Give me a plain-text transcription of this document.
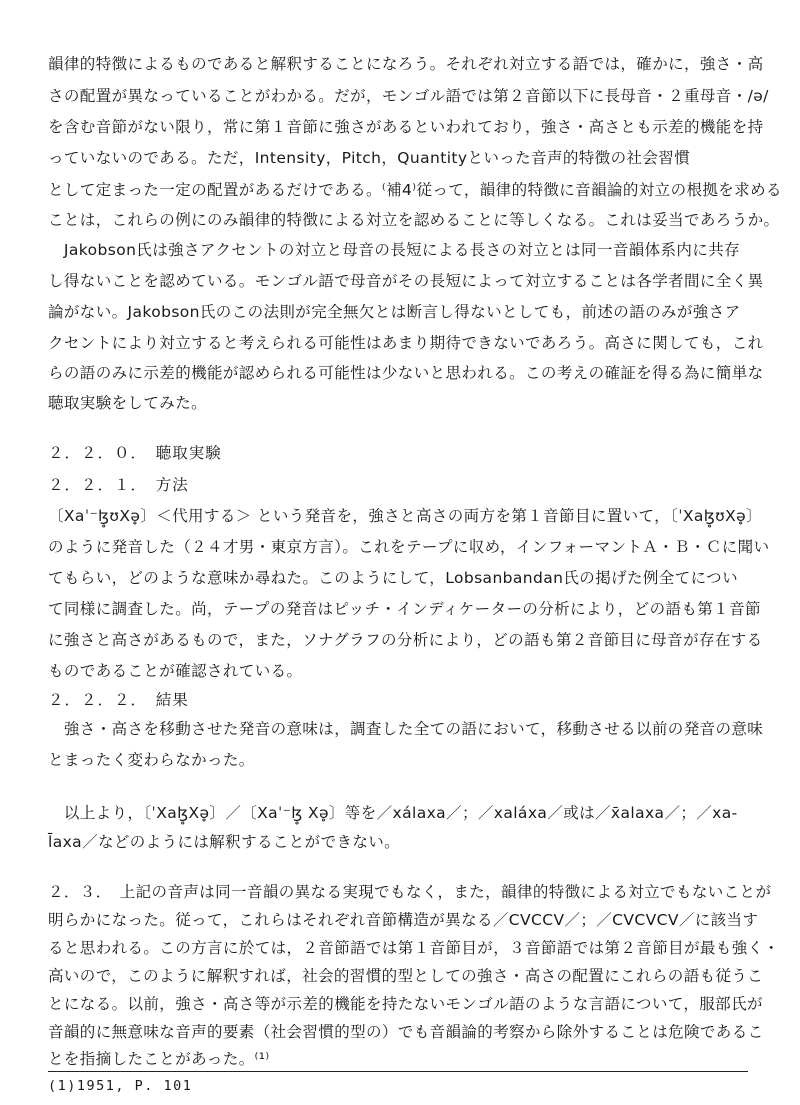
韻律的特徴によるものであると解釈することになろう。それぞれ対立する語では，確かに，強さ・高
さの配置が異なっていることがわかる。だが，モンゴル語では第２音節以下に長母音・２重母音・/ə/
を含む音節がない限り，常に第１音節に強さがあるといわれており，強さ・高さとも示差的機能を持
っていないのである。ただ，Intensity，Pitch，Quantityといった音声的特徴の社会習慣
として定まった一定の配置があるだけである。⁽補4⁾従って，韻律的特徴に音韻論的対立の根拠を求める
ことは，これらの例にのみ韻律的特徴による対立を認めることに等しくなる。これは妥当であろうか。
　Jakobson氏は強さアクセントの対立と母音の長短による長さの対立とは同一音韻体系内に共存
し得ないことを認めている。モンゴル語で母音がその長短によって対立することは各学者間に全く異
論がない。Jakobson氏のこの法則が完全無欠とは断言し得ないとしても，前述の語のみが強さア
クセントにより対立すると考えられる可能性はあまり期待できないであろう。高さに関しても，これ
らの語のみに示差的機能が認められる可能性は少ないと思われる。この考えの確証を得る為に簡単な
聴取実験をしてみた。
２．２．０．　聴取実験
２．２．１．　方法
〔Xaˈ⁻ɮ̥ʊXə̥〕＜代用する＞ という発音を，強さと高さの両方を第１音節目に置いて，〔ˈXaɮ̥ʊXə̥〕
のように発音した（２４才男・東京方言）。これをテープに収め，インフォーマントＡ・Ｂ・Ｃに聞い
てもらい，どのような意味か尋ねた。このようにして，Lobsanbandan氏の掲げた例全てについ
て同様に調査した。尚，テープの発音はピッチ・インディケーターの分析により，どの語も第１音節
に強さと高さがあるもので，また，ソナグラフの分析により，どの語も第２音節目に母音が存在する
ものであることが確認されている。
２．２．２．　結果
　強さ・高さを移動させた発音の意味は，調査した全ての語において，移動させる以前の発音の意味
とまったく変わらなかった。
　以上より，〔ˈXaɮ̥Xə̥〕／〔Xaˈ⁻ɮ̥ Xə̥〕等を／xálaxa／；／xaláxa／或は／x̄alaxa／；／xa-
l̄axa／などのようには解釈することができない。
２．３．　上記の音声は同一音韻の異なる実現でもなく，また，韻律的特徴による対立でもないことが
明らかになった。従って，これらはそれぞれ音節構造が異なる／CVCCV／；／CVCVCV／に該当す
ると思われる。この方言に於ては，２音節語では第１音節目が，３音節語では第２音節目が最も強く・
高いので，このように解釈すれば，社会的習慣的型としての強さ・高さの配置にこれらの語も従うこ
とになる。以前，強さ・高さ等が示差的機能を持たないモンゴル語のような言語について，服部氏が
音韻的に無意味な音声的要素（社会習慣的型の）でも音韻論的考察から除外することは危険であるこ
とを指摘したことがあった。⁽¹⁾
(1)1951, P. 101
